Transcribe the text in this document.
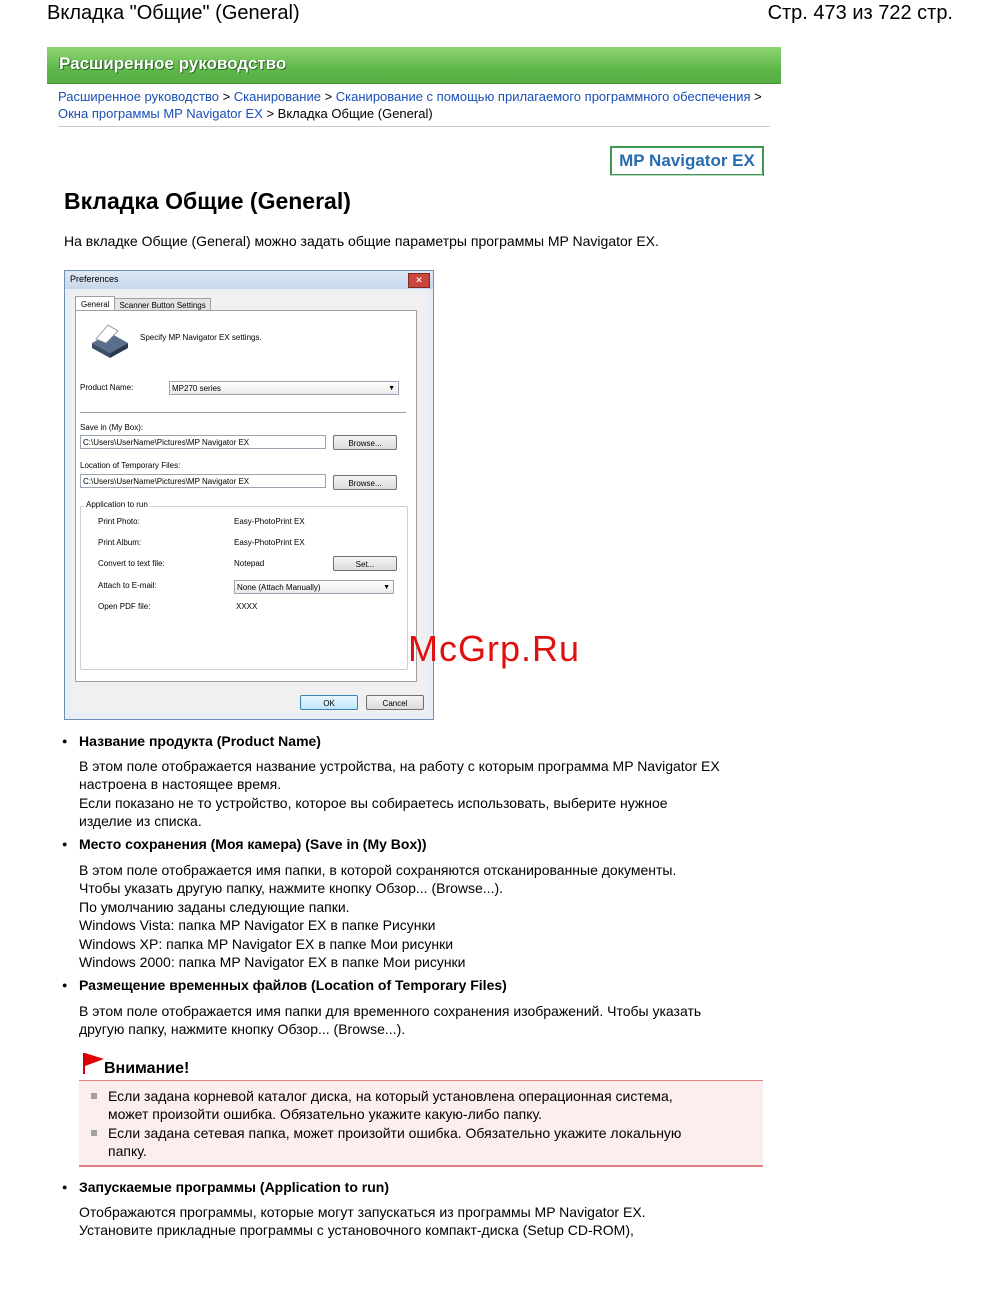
Вкладка "Общие" (General)	Стр. 473 из 722 стр.
Расширенное руководство
Расширенное руководство > Сканирование > Сканирование с помощью прилагаемого программного обеспечения > Окна программы MP Navigator EX > Вкладка Общие (General)
MP Navigator EX
Вкладка Общие (General)
На вкладке Общие (General) можно задать общие параметры программы MP Navigator EX.
Preferences	✕
General Scanner Button Settings
Specify MP Navigator EX settings.
Product Name:	MP270 series	▼
Save in (My Box):
C:\Users\UserName\Pictures\MP Navigator EX	Browse...
Location of Temporary Files:
C:\Users\UserName\Pictures\MP Navigator EX	Browse...
Application to run
Print Photo:	Easy-PhotoPrint EX
Print Album:	Easy-PhotoPrint EX
Convert to text file:	Notepad	Set...
Attach to E-mail:	None (Attach Manually)	▼
Open PDF file:	XXXX
OK	Cancel
McGrp.Ru
● Название продукта (Product Name)
В этом поле отображается название устройства, на работу с которым программа MP Navigator EX
настроена в настоящее время.
Если показано не то устройство, которое вы собираетесь использовать, выберите нужное
изделие из списка.
● Место сохранения (Моя камера) (Save in (My Box))
В этом поле отображается имя папки, в которой сохраняются отсканированные документы.
Чтобы указать другую папку, нажмите кнопку Обзор... (Browse...).
По умолчанию заданы следующие папки.
Windows Vista: папка MP Navigator EX в папке Рисунки
Windows XP: папка MP Navigator EX в папке Мои рисунки
Windows 2000: папка MP Navigator EX в папке Мои рисунки
● Размещение временных файлов (Location of Temporary Files)
В этом поле отображается имя папки для временного сохранения изображений. Чтобы указать
другую папку, нажмите кнопку Обзор... (Browse...).
Внимание!
Если задана корневой каталог диска, на который установлена операционная система,
может произойти ошибка. Обязательно укажите какую-либо папку.
Если задана сетевая папка, может произойти ошибка. Обязательно укажите локальную
папку.
● Запускаемые программы (Application to run)
Отображаются программы, которые могут запускаться из программы MP Navigator EX.
Установите прикладные программы с установочного компакт-диска (Setup CD-ROM),
